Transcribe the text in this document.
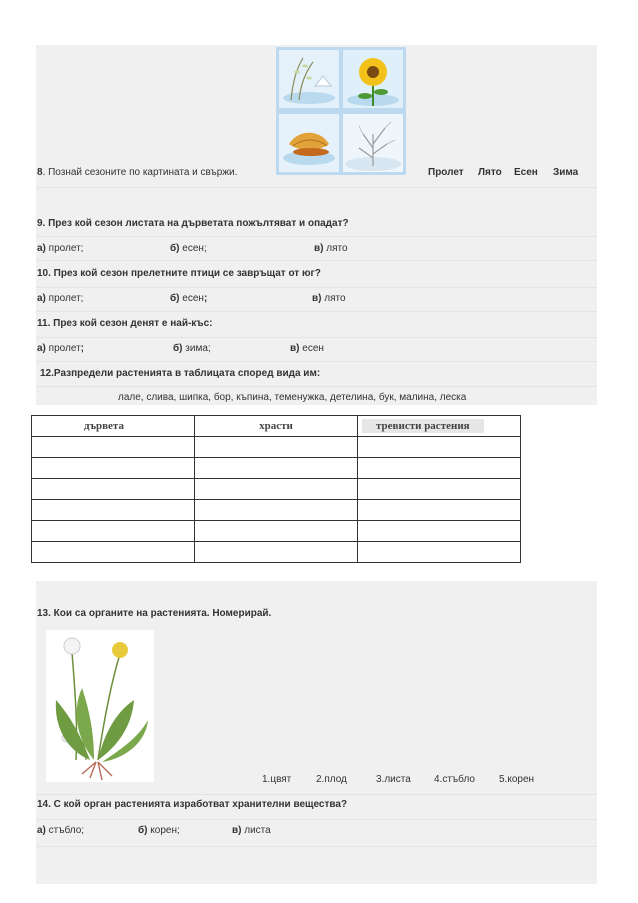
8. Познай сезоните по картината и свържи.	Пролет Лято Есен Зима
9. През кой сезон листата на дърветата пожълтяват и опадат?
а) пролет;	б) есен;	в) лято
10. През кой сезон прелетните птици се завръщат от юг?
а) пролет;	б) есен;	в) лято
11. През кой сезон денят е най-къс:
а) пролет;	б) зима;	в) есен
12.Разпредели растенията в таблицата според вида им:
лале, слива, шипка, бор, къпина, теменужка, детелина, бук, малина, леска
дървета	храсти	тревисти растения

13. Кои са органите на растенията. Номерирай.
1.цвят 2.плод	3.листа 4.стъбло 5.корен
14. С кой орган растенията изработват хранителни вещества?
а) стъбло;	б) корен;	в) листа
